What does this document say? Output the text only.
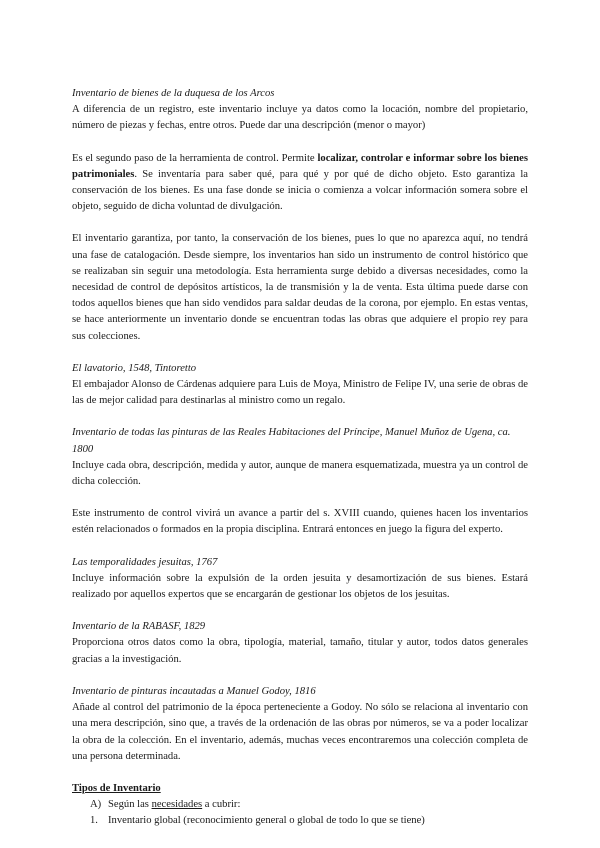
Inventario de bienes de la duquesa de los Arcos

A diferencia de un registro, este inventario incluye ya datos como la locación, nombre del propietario, número de piezas y fechas, entre otros. Puede dar una descripción (menor o mayor)

Es el segundo paso de la herramienta de control. Permite localizar, controlar e informar sobre los bienes patrimoniales. Se inventaría para saber qué, para qué y por qué de dicho objeto. Esto garantiza la conservación de los bienes. Es una fase donde se inicia o comienza a volcar información somera sobre el objeto, seguido de dicha voluntad de divulgación.

El inventario garantiza, por tanto, la conservación de los bienes, pues lo que no aparezca aquí, no tendrá una fase de catalogación. Desde siempre, los inventarios han sido un instrumento de control histórico que se realizaban sin seguir una metodología. Esta herramienta surge debido a diversas necesidades, como la necesidad de control de depósitos artísticos, la de transmisión y la de venta. Esta última puede darse con todos aquellos bienes que han sido vendidos para saldar deudas de la corona, por ejemplo. En estas ventas, se hace anteriormente un inventario donde se encuentran todas las obras que adquiere el propio rey para sus colecciones.

El lavatorio, 1548, Tintoretto

El embajador Alonso de Cárdenas adquiere para Luis de Moya, Ministro de Felipe IV, una serie de obras de las de mejor calidad para destinarlas al ministro como un regalo.

Inventario de todas las pinturas de las Reales Habitaciones del Príncipe, Manuel Muñoz de Ugena, ca. 1800

Incluye cada obra, descripción, medida y autor, aunque de manera esquematizada, muestra ya un control de dicha colección.

Este instrumento de control vivirá un avance a partir del s. XVIII cuando, quienes hacen los inventarios estén relacionados o formados en la propia disciplina. Entrará entonces en juego la figura del experto.

Las temporalidades jesuitas, 1767

Incluye información sobre la expulsión de la orden jesuita y desamortización de sus bienes. Estará realizado por aquellos expertos que se encargarán de gestionar los objetos de los jesuitas.

Inventario de la RABASF, 1829

Proporciona otros datos como la obra, tipología, material, tamaño, titular y autor, todos datos generales gracias a la investigación.

Inventario de pinturas incautadas a Manuel Godoy, 1816

Añade al control del patrimonio de la época perteneciente a Godoy. No sólo se relaciona al inventario con una mera descripción, sino que, a través de la ordenación de las obras por números, se va a poder localizar la obra de la colección. En el inventario, además, muchas veces encontraremos una colección completa de una persona determinada.

Tipos de Inventario

A) Según las necesidades a cubrir:

1. Inventario global (reconocimiento general o global de todo lo que se tiene)
